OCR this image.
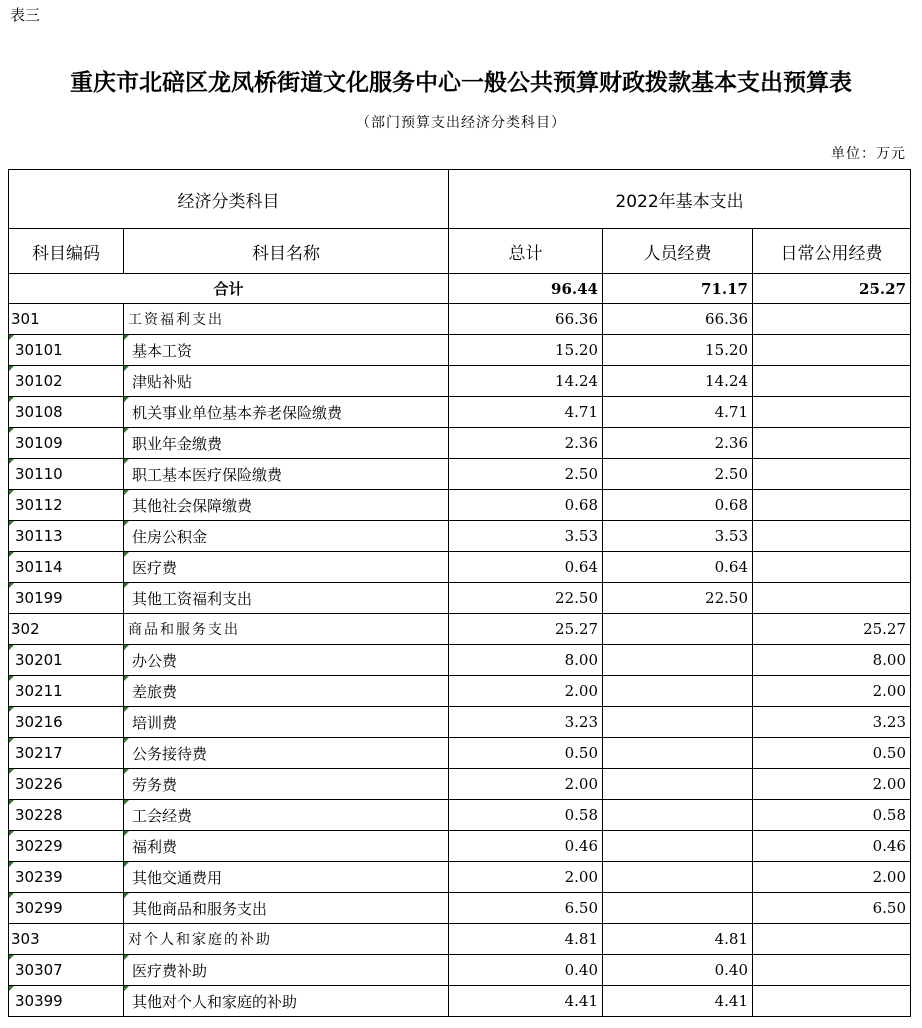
表三
重庆市北碚区龙凤桥街道文化服务中心一般公共预算财政拨款基本支出预算表
（部门预算支出经济分类科目）
单位：万元
经济分类科目		2022年基本支出		
科目编码	科目名称	总计	人员经费	日常公用经费
合计		96.44	71.17	25.27
301	工资福利支出	66.36	66.36	
30101	基本工资	15.20	15.20	
30102	津贴补贴	14.24	14.24	
30108	机关事业单位基本养老保险缴费	4.71	4.71	
30109	职业年金缴费	2.36	2.36	
30110	职工基本医疗保险缴费	2.50	2.50	
30112	其他社会保障缴费	0.68	0.68	
30113	住房公积金	3.53	3.53	
30114	医疗费	0.64	0.64	
30199	其他工资福利支出	22.50	22.50	
302	商品和服务支出	25.27		25.27
30201	办公费	8.00		8.00
30211	差旅费	2.00		2.00
30216	培训费	3.23		3.23
30217	公务接待费	0.50		0.50
30226	劳务费	2.00		2.00
30228	工会经费	0.58		0.58
30229	福利费	0.46		0.46
30239	其他交通费用	2.00		2.00
30299	其他商品和服务支出	6.50		6.50
303	对个人和家庭的补助	4.81	4.81	
30307	医疗费补助	0.40	0.40	
30399	其他对个人和家庭的补助	4.41	4.41	
